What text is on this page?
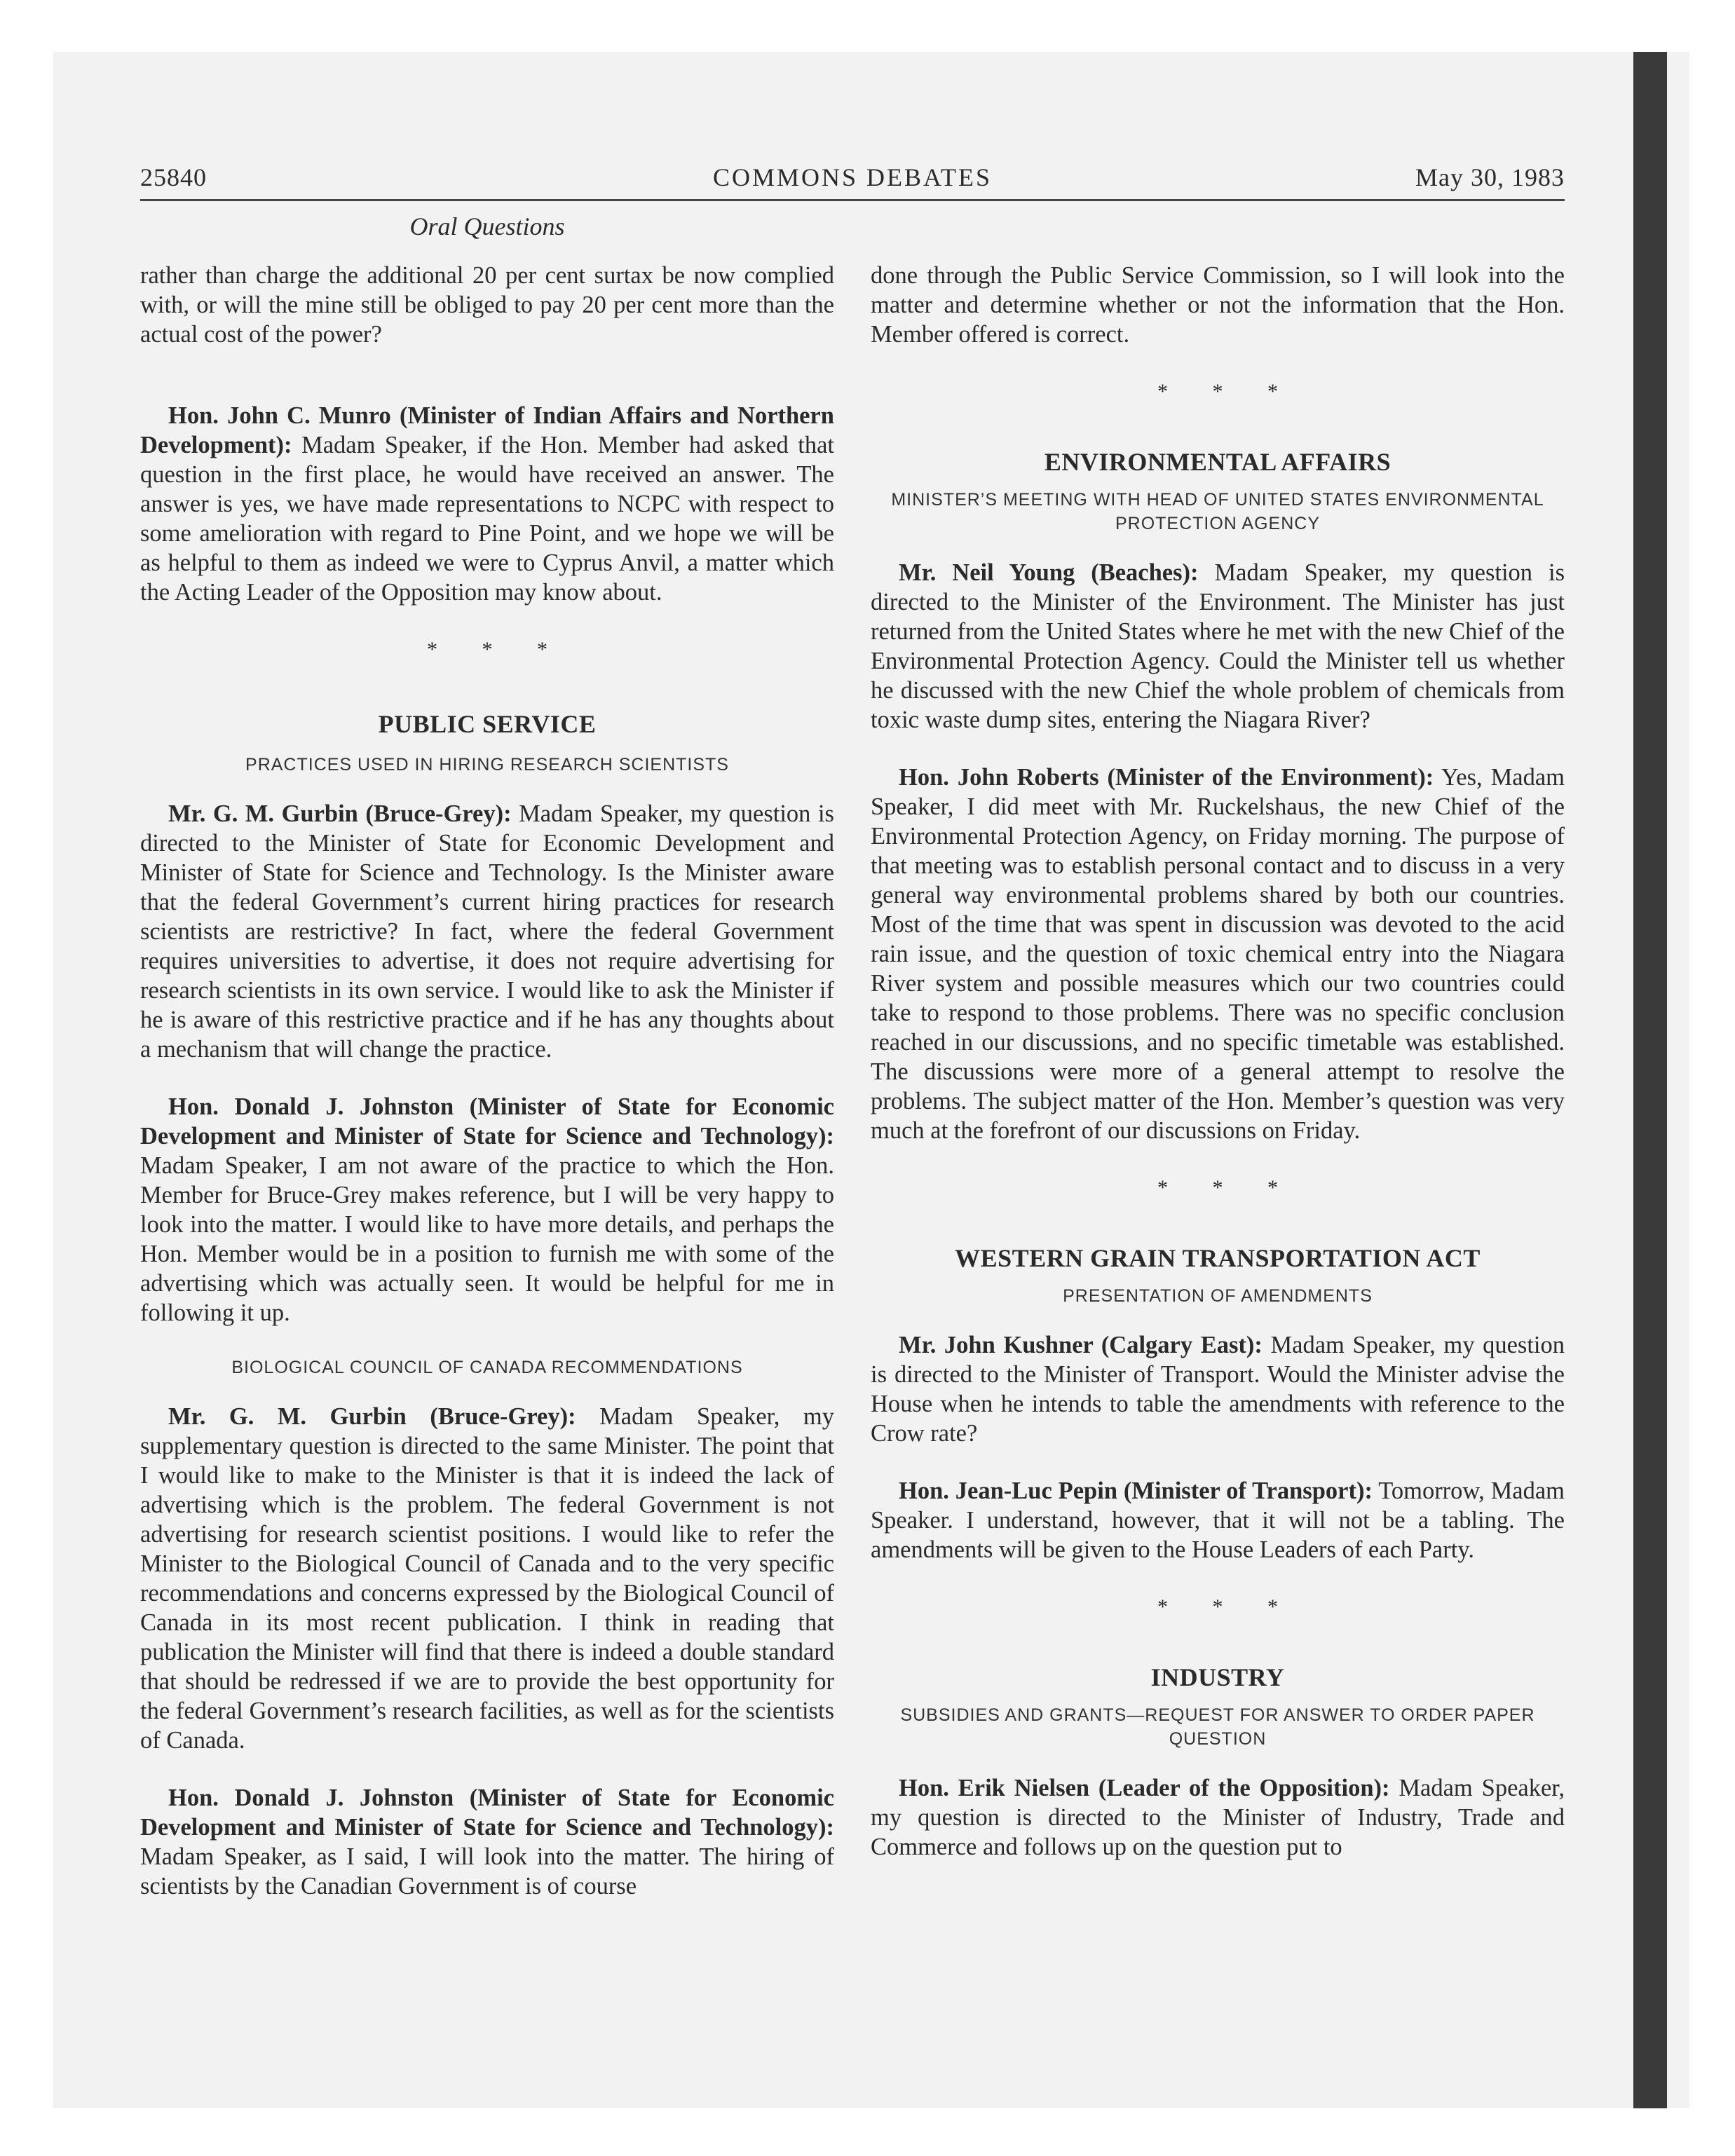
25840	COMMONS DEBATES	May 30, 1983
Oral Questions

rather than charge the additional 20 per cent surtax be now complied with, or will the mine still be obliged to pay 20 per cent more than the actual cost of the power?

Hon. John C. Munro (Minister of Indian Affairs and Northern Development): Madam Speaker, if the Hon. Member had asked that question in the first place, he would have received an answer. The answer is yes, we have made representations to NCPC with respect to some amelioration with regard to Pine Point, and we hope we will be as helpful to them as indeed we were to Cyprus Anvil, a matter which the Acting Leader of the Opposition may know about.

* * *
PUBLIC SERVICE
PRACTICES USED IN HIRING RESEARCH SCIENTISTS

Mr. G. M. Gurbin (Bruce-Grey): Madam Speaker, my question is directed to the Minister of State for Economic Development and Minister of State for Science and Technology. Is the Minister aware that the federal Government’s current hiring practices for research scientists are restrictive? In fact, where the federal Government requires universities to advertise, it does not require advertising for research scientists in its own service. I would like to ask the Minister if he is aware of this restrictive practice and if he has any thoughts about a mechanism that will change the practice.

Hon. Donald J. Johnston (Minister of State for Economic Development and Minister of State for Science and Technology): Madam Speaker, I am not aware of the practice to which the Hon. Member for Bruce-Grey makes reference, but I will be very happy to look into the matter. I would like to have more details, and perhaps the Hon. Member would be in a position to furnish me with some of the advertising which was actually seen. It would be helpful for me in following it up.

BIOLOGICAL COUNCIL OF CANADA RECOMMENDATIONS

Mr. G. M. Gurbin (Bruce-Grey): Madam Speaker, my supplementary question is directed to the same Minister. The point that I would like to make to the Minister is that it is indeed the lack of advertising which is the problem. The federal Government is not advertising for research scientist positions. I would like to refer the Minister to the Biological Council of Canada and to the very specific recommendations and concerns expressed by the Biological Council of Canada in its most recent publication. I think in reading that publication the Minister will find that there is indeed a double standard that should be redressed if we are to provide the best opportunity for the federal Government’s research facilities, as well as for the scientists of Canada.

Hon. Donald J. Johnston (Minister of State for Economic Development and Minister of State for Science and Technology): Madam Speaker, as I said, I will look into the matter. The hiring of scientists by the Canadian Government is of course

done through the Public Service Commission, so I will look into the matter and determine whether or not the information that the Hon. Member offered is correct.

* * *
ENVIRONMENTAL AFFAIRS
MINISTER’S MEETING WITH HEAD OF UNITED STATES ENVIRONMENTAL PROTECTION AGENCY

Mr. Neil Young (Beaches): Madam Speaker, my question is directed to the Minister of the Environment. The Minister has just returned from the United States where he met with the new Chief of the Environmental Protection Agency. Could the Minister tell us whether he discussed with the new Chief the whole problem of chemicals from toxic waste dump sites, entering the Niagara River?

Hon. John Roberts (Minister of the Environment): Yes, Madam Speaker, I did meet with Mr. Ruckelshaus, the new Chief of the Environmental Protection Agency, on Friday morning. The purpose of that meeting was to establish personal contact and to discuss in a very general way environmental problems shared by both our countries. Most of the time that was spent in discussion was devoted to the acid rain issue, and the question of toxic chemical entry into the Niagara River system and possible measures which our two countries could take to respond to those problems. There was no specific conclusion reached in our discussions, and no specific timetable was established. The discussions were more of a general attempt to resolve the problems. The subject matter of the Hon. Member’s question was very much at the forefront of our discussions on Friday.

* * *
WESTERN GRAIN TRANSPORTATION ACT
PRESENTATION OF AMENDMENTS

Mr. John Kushner (Calgary East): Madam Speaker, my question is directed to the Minister of Transport. Would the Minister advise the House when he intends to table the amendments with reference to the Crow rate?

Hon. Jean-Luc Pepin (Minister of Transport): Tomorrow, Madam Speaker. I understand, however, that it will not be a tabling. The amendments will be given to the House Leaders of each Party.

* * *
INDUSTRY
SUBSIDIES AND GRANTS—REQUEST FOR ANSWER TO ORDER PAPER QUESTION

Hon. Erik Nielsen (Leader of the Opposition): Madam Speaker, my question is directed to the Minister of Industry, Trade and Commerce and follows up on the question put to
